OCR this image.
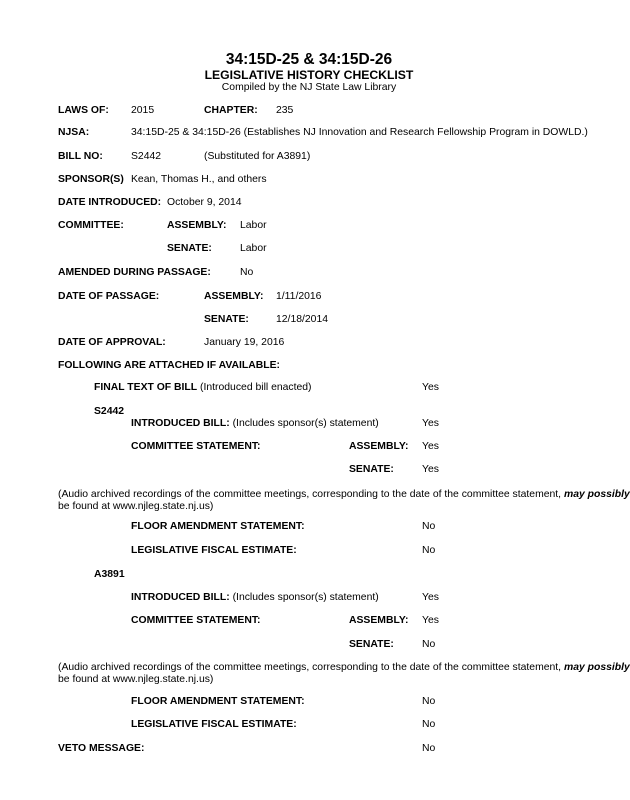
34:15D-25 & 34:15D-26
LEGISLATIVE HISTORY CHECKLIST
Compiled by the NJ State Law Library
LAWS OF: 2015	CHAPTER: 235
NJSA:	34:15D-25 & 34:15D-26 (Establishes NJ Innovation and Research Fellowship Program in DOWLD.)
BILL NO:	S2442	(Substituted for A3891)
SPONSOR(S) Kean, Thomas H., and others
DATE INTRODUCED: October 9, 2014
COMMITTEE:	ASSEMBLY: Labor
SENATE:	Labor
AMENDED DURING PASSAGE:	No
DATE OF PASSAGE:	ASSEMBLY: 1/11/2016
SENATE:	12/18/2014
DATE OF APPROVAL:	January 19, 2016
FOLLOWING ARE ATTACHED IF AVAILABLE:
FINAL TEXT OF BILL (Introduced bill enacted)	Yes
S2442
INTRODUCED BILL: (Includes sponsor(s) statement)	Yes
COMMITTEE STATEMENT:	ASSEMBLY: Yes
SENATE:	Yes
(Audio archived recordings of the committee meetings, corresponding to the date of the committee statement, may possibly
be found at www.njleg.state.nj.us)
FLOOR AMENDMENT STATEMENT:	No
LEGISLATIVE FISCAL ESTIMATE:	No
A3891
INTRODUCED BILL: (Includes sponsor(s) statement)	Yes
COMMITTEE STATEMENT:	ASSEMBLY: Yes
SENATE:	No
(Audio archived recordings of the committee meetings, corresponding to the date of the committee statement, may possibly
be found at www.njleg.state.nj.us)
FLOOR AMENDMENT STATEMENT:	No
LEGISLATIVE FISCAL ESTIMATE:	No
VETO MESSAGE:	No
